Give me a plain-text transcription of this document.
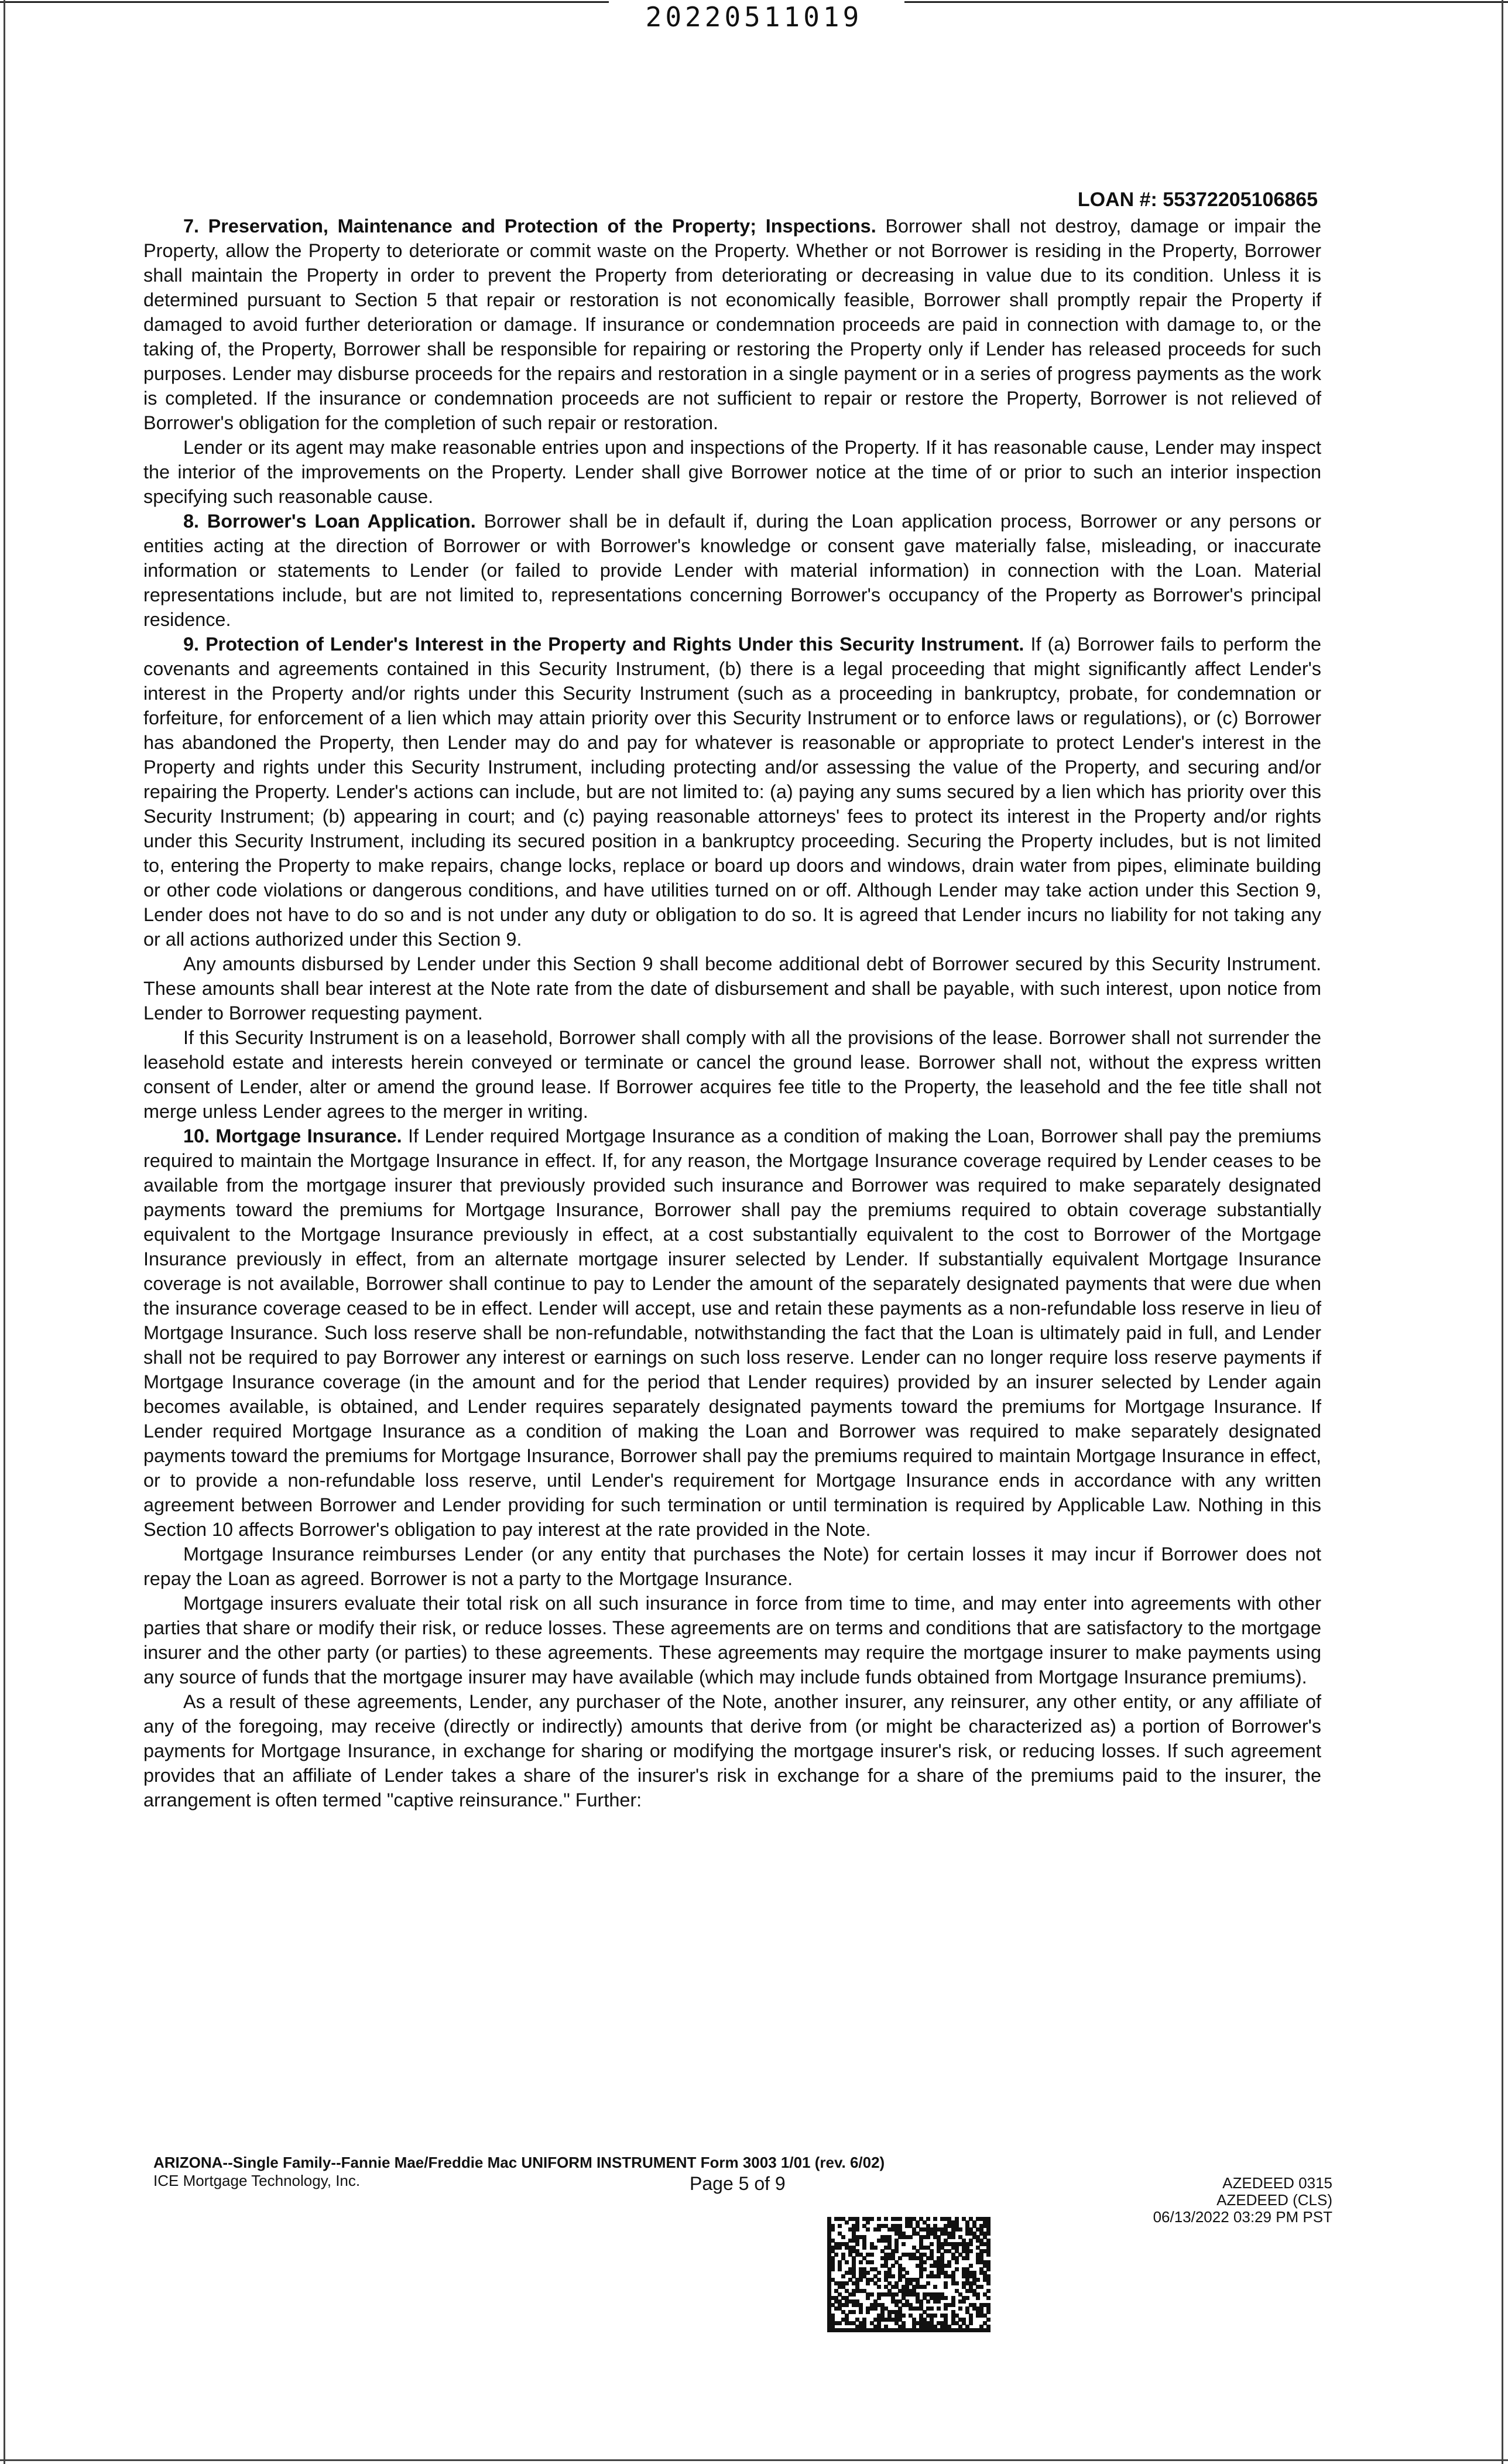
20220511019
LOAN #: 55372205106865

7. Preservation, Maintenance and Protection of the Property; Inspections. Borrower shall not destroy, damage or impair the Property, allow the Property to deteriorate or commit waste on the Property. Whether or not Borrower is residing in the Property, Borrower shall maintain the Property in order to prevent the Property from deteriorating or decreasing in value due to its condition. Unless it is determined pursuant to Section 5 that repair or restoration is not economically feasible, Borrower shall promptly repair the Property if damaged to avoid further deterioration or damage. If insurance or condemnation proceeds are paid in connection with damage to, or the taking of, the Property, Borrower shall be responsible for repairing or restoring the Property only if Lender has released proceeds for such purposes. Lender may disburse proceeds for the repairs and restoration in a single payment or in a series of progress payments as the work is completed. If the insurance or condemnation proceeds are not sufficient to repair or restore the Property, Borrower is not relieved of Borrower's obligation for the completion of such repair or restoration.

Lender or its agent may make reasonable entries upon and inspections of the Property. If it has reasonable cause, Lender may inspect the interior of the improvements on the Property. Lender shall give Borrower notice at the time of or prior to such an interior inspection specifying such reasonable cause.

8. Borrower's Loan Application. Borrower shall be in default if, during the Loan application process, Borrower or any persons or entities acting at the direction of Borrower or with Borrower's knowledge or consent gave materially false, misleading, or inaccurate information or statements to Lender (or failed to provide Lender with material information) in connection with the Loan. Material representations include, but are not limited to, representations concerning Borrower's occupancy of the Property as Borrower's principal residence.

9. Protection of Lender's Interest in the Property and Rights Under this Security Instrument. If (a) Borrower fails to perform the covenants and agreements contained in this Security Instrument, (b) there is a legal proceeding that might significantly affect Lender's interest in the Property and/or rights under this Security Instrument (such as a proceeding in bankruptcy, probate, for condemnation or forfeiture, for enforcement of a lien which may attain priority over this Security Instrument or to enforce laws or regulations), or (c) Borrower has abandoned the Property, then Lender may do and pay for whatever is reasonable or appropriate to protect Lender's interest in the Property and rights under this Security Instrument, including protecting and/or assessing the value of the Property, and securing and/or repairing the Property. Lender's actions can include, but are not limited to: (a) paying any sums secured by a lien which has priority over this Security Instrument; (b) appearing in court; and (c) paying reasonable attorneys' fees to protect its interest in the Property and/or rights under this Security Instrument, including its secured position in a bankruptcy proceeding. Securing the Property includes, but is not limited to, entering the Property to make repairs, change locks, replace or board up doors and windows, drain water from pipes, eliminate building or other code violations or dangerous conditions, and have utilities turned on or off. Although Lender may take action under this Section 9, Lender does not have to do so and is not under any duty or obligation to do so. It is agreed that Lender incurs no liability for not taking any or all actions authorized under this Section 9.

Any amounts disbursed by Lender under this Section 9 shall become additional debt of Borrower secured by this Security Instrument. These amounts shall bear interest at the Note rate from the date of disbursement and shall be payable, with such interest, upon notice from Lender to Borrower requesting payment.

If this Security Instrument is on a leasehold, Borrower shall comply with all the provisions of the lease. Borrower shall not surrender the leasehold estate and interests herein conveyed or terminate or cancel the ground lease. Borrower shall not, without the express written consent of Lender, alter or amend the ground lease. If Borrower acquires fee title to the Property, the leasehold and the fee title shall not merge unless Lender agrees to the merger in writing.

10. Mortgage Insurance. If Lender required Mortgage Insurance as a condition of making the Loan, Borrower shall pay the premiums required to maintain the Mortgage Insurance in effect. If, for any reason, the Mortgage Insurance coverage required by Lender ceases to be available from the mortgage insurer that previously provided such insurance and Borrower was required to make separately designated payments toward the premiums for Mortgage Insurance, Borrower shall pay the premiums required to obtain coverage substantially equivalent to the Mortgage Insurance previously in effect, at a cost substantially equivalent to the cost to Borrower of the Mortgage Insurance previously in effect, from an alternate mortgage insurer selected by Lender. If substantially equivalent Mortgage Insurance coverage is not available, Borrower shall continue to pay to Lender the amount of the separately designated payments that were due when the insurance coverage ceased to be in effect. Lender will accept, use and retain these payments as a non-refundable loss reserve in lieu of Mortgage Insurance. Such loss reserve shall be non-refundable, notwithstanding the fact that the Loan is ultimately paid in full, and Lender shall not be required to pay Borrower any interest or earnings on such loss reserve. Lender can no longer require loss reserve payments if Mortgage Insurance coverage (in the amount and for the period that Lender requires) provided by an insurer selected by Lender again becomes available, is obtained, and Lender requires separately designated payments toward the premiums for Mortgage Insurance. If Lender required Mortgage Insurance as a condition of making the Loan and Borrower was required to make separately designated payments toward the premiums for Mortgage Insurance, Borrower shall pay the premiums required to maintain Mortgage Insurance in effect, or to provide a non-refundable loss reserve, until Lender's requirement for Mortgage Insurance ends in accordance with any written agreement between Borrower and Lender providing for such termination or until termination is required by Applicable Law. Nothing in this Section 10 affects Borrower's obligation to pay interest at the rate provided in the Note.

Mortgage Insurance reimburses Lender (or any entity that purchases the Note) for certain losses it may incur if Borrower does not repay the Loan as agreed. Borrower is not a party to the Mortgage Insurance.

Mortgage insurers evaluate their total risk on all such insurance in force from time to time, and may enter into agreements with other parties that share or modify their risk, or reduce losses. These agreements are on terms and conditions that are satisfactory to the mortgage insurer and the other party (or parties) to these agreements. These agreements may require the mortgage insurer to make payments using any source of funds that the mortgage insurer may have available (which may include funds obtained from Mortgage Insurance premiums).

As a result of these agreements, Lender, any purchaser of the Note, another insurer, any reinsurer, any other entity, or any affiliate of any of the foregoing, may receive (directly or indirectly) amounts that derive from (or might be characterized as) a portion of Borrower's payments for Mortgage Insurance, in exchange for sharing or modifying the mortgage insurer's risk, or reducing losses. If such agreement provides that an affiliate of Lender takes a share of the insurer's risk in exchange for a share of the premiums paid to the insurer, the arrangement is often termed "captive reinsurance." Further:

ARIZONA--Single Family--Fannie Mae/Freddie Mac UNIFORM INSTRUMENT Form 3003 1/01 (rev. 6/02)
ICE Mortgage Technology, Inc.	Page 5 of 9	AZEDEED 0315
AZEDEED (CLS)
06/13/2022 03:29 PM PST
